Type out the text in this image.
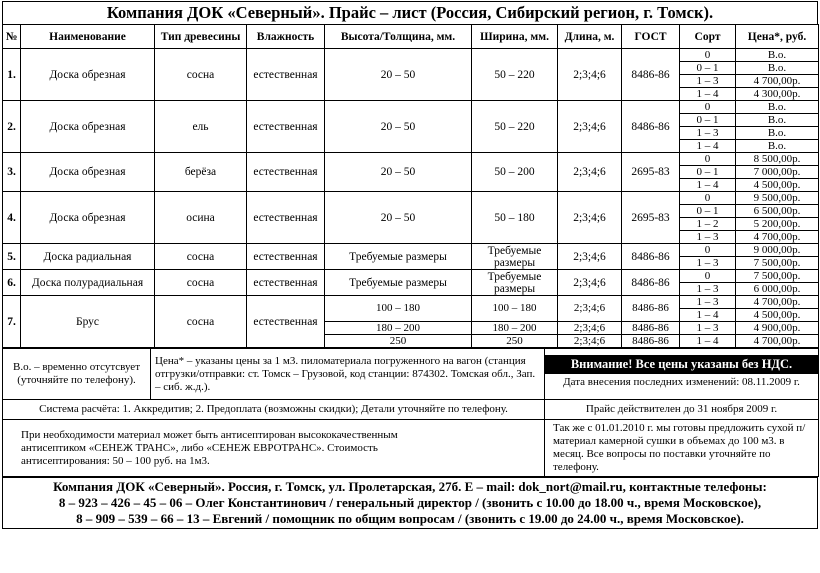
Компания ДОК «Северный». Прайс – лист (Россия, Сибирский регион, г. Томск).
№	Наименование	Тип древесины	Влажность	Высота/Толщина, мм.	Ширина, мм.	Длина, м.	ГОСТ	Сорт	Цена*, руб.
1.	Доска обрезная	сосна	естественная	20 – 50	50 – 220	2;3;4;6	8486-86	0	В.о.
								0 – 1	В.о.
								1 – 3	4 700,00р.
								1 – 4	4 300,00р.
2.	Доска обрезная	ель	естественная	20 – 50	50 – 220	2;3;4;6	8486-86	0	В.о.
								0 – 1	В.о.
								1 – 3	В.о.
								1 – 4	В.о.
3.	Доска обрезная	берёза	естественная	20 – 50	50 – 200	2;3;4;6	2695-83	0	8 500,00р.
								0 – 1	7 000,00р.
								1 – 4	4 500,00р.
4.	Доска обрезная	осина	естественная	20 – 50	50 – 180	2;3;4;6	2695-83	0	9 500,00р.
								0 – 1	6 500,00р.
								1 – 2	5 200,00р.
								1 – 3	4 700,00р.
5.	Доска радиальная	сосна	естественная	Требуемые размеры	Требуемые размеры	2;3;4;6	8486-86	0	9 000,00р.
								1 – 3	7 500,00р.
6.	Доска полурадиальная	сосна	естественная	Требуемые размеры	Требуемые размеры	2;3;4;6	8486-86	0	7 500,00р.
								1 – 3	6 000,00р.
7.	Брус	сосна	естественная	100 – 180	100 – 180	2;3;4;6	8486-86	1 – 3	4 700,00р.
								1 – 4	4 500,00р.
				180 – 200	180 – 200	2;3;4;6	8486-86	1 – 3	4 900,00р.
				250	250	2;3;4;6	8486-86	1 – 4	4 700,00р.
В.о. – временно отсутсвует (уточняйте по телефону).	Цена* – указаны цены за 1 м3. пиломатериала погруженного на вагон (станция отгрузки/отправки: ст. Томск – Грузовой, код станции: 874302. Томская обл., Зап. – сиб. ж.д.).	Внимание! Все цены указаны без НДС.
Дата внесения последних изменений: 08.11.2009 г.

Система расчёта: 1. Аккредитив; 2. Предоплата (возможны скидки); Детали уточняйте по телефону.		Прайс действителен до 31 ноября 2009 г.
При необходимости материал может быть антисептирован высококачественным антисептиком «СЕНЕЖ ТРАНС», либо «СЕНЕЖ ЕВРОТРАНС». Стоимость антисептирования: 50 – 100 руб. на 1м3.		Так же с 01.01.2010 г. мы готовы предложить сухой п/материал камерной сушки в объемах до 100 м3. в месяц. Все вопросы по поставки уточняйте по телефону.
Компания ДОК «Северный». Россия, г. Томск, ул. Пролетарская, 27б. E – mail: dok_nort@mail.ru, контактные телефоны:
8 – 923 – 426 – 45 – 06 – Олег Константинович / генеральный директор / (звонить с 10.00 до 18.00 ч., время Московское),
8 – 909 – 539 – 66 – 13 – Евгений / помощник по общим вопросам / (звонить с 19.00 до 24.00 ч., время Московское).
